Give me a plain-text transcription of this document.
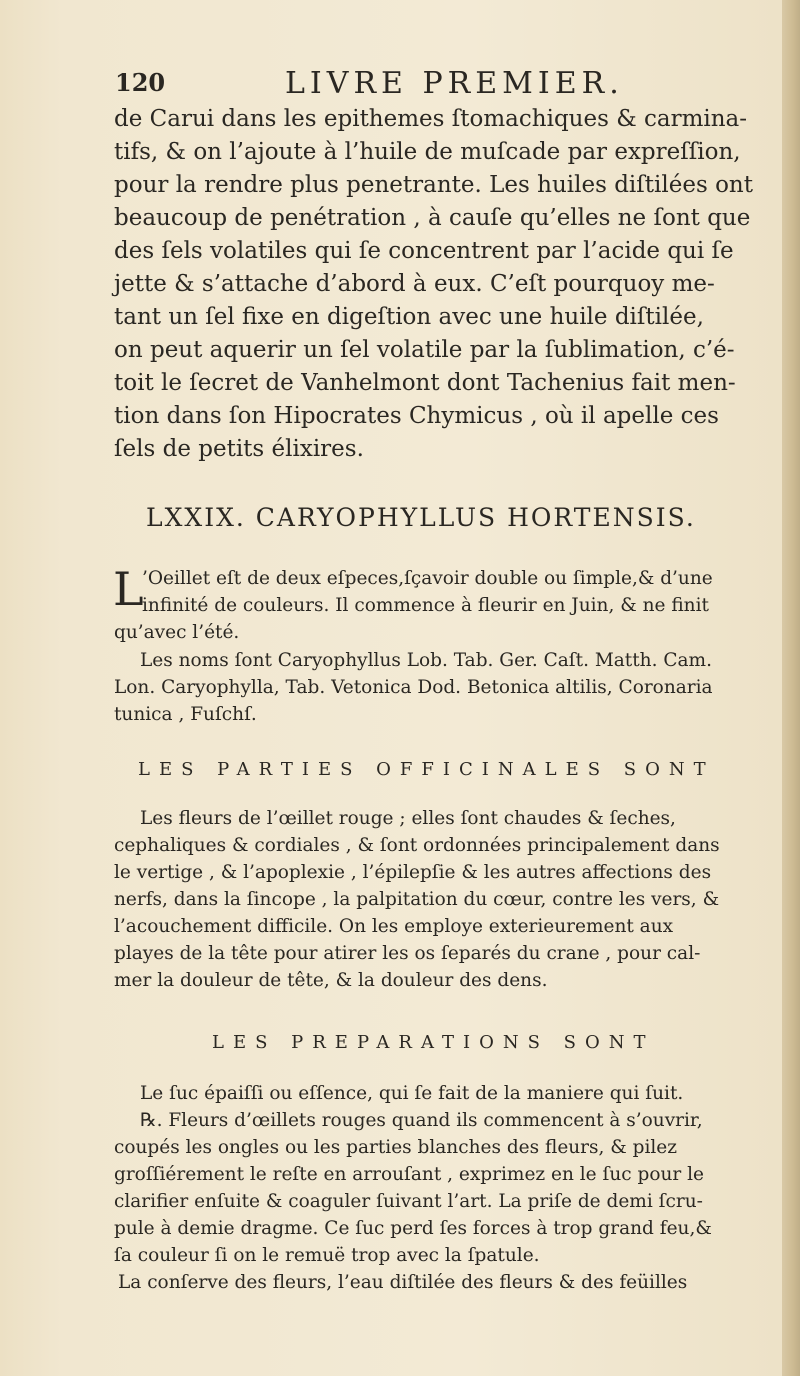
120	LIVRE PREMIER.
de Carui dans les epithemes ſtomachiques & carmina-
tifs, & on l’ajoute à l’huile de muſcade par expreſſion,
pour la rendre plus penetrante. Les huiles diſtilées ont
beaucoup de penétration , à cauſe qu’elles ne ſont que
des ſels volatiles qui ſe concentrent par l’acide qui ſe
jette & s’attache d’abord à eux. C’eſt pourquoy me-
tant un ſel fixe en digeſtion avec une huile diſtilée,
on peut aquerir un ſel volatile par la ſublimation, c’é-
toit le ſecret de Vanhelmont dont Tachenius fait men-
tion dans ſon Hipocrates Chymicus , où il apelle ces
ſels de petits élixires.
LXXIX. CARYOPHYLLUS HORTENSIS.
L
’Oeillet eſt de deux eſpeces,ſçavoir double ou ſimple,& d’une
infinité de couleurs. Il commence à fleurir en Juin, & ne finit
qu’avec l’été.
Les noms ſont Caryophyllus Lob. Tab. Ger. Caſt. Matth. Cam.
Lon. Caryophylla, Tab. Vetonica Dod. Betonica altilis, Coronaria
tunica , Fuſchſ.
LES PARTIES OFFICINALES SONT
Les fleurs de l’œillet rouge ; elles ſont chaudes & ſeches,
cephaliques & cordiales , & ſont ordonnées principalement dans
le vertige , & l’apoplexie , l’épilepſie & les autres affections des
nerfs, dans la ſincope , la palpitation du cœur, contre les vers, &
l’acouchement difficile. On les employe exterieurement aux
playes de la tête pour atirer les os ſeparés du crane , pour cal-
mer la douleur de tête, & la douleur des dens.
LES PREPARATIONS SONT
Le ſuc épaiſſi ou eſſence, qui ſe fait de la maniere qui ſuit.
℞. Fleurs d’œillets rouges quand ils commencent à s’ouvrir,
coupés les ongles ou les parties blanches des fleurs, & pilez
groſſiérement le reſte en arrouſant , exprimez en le ſuc pour le
clarifier enſuite & coaguler ſuivant l’art. La priſe de demi ſcru-
pule à demie dragme. Ce ſuc perd ſes forces à trop grand feu,&
ſa couleur ſi on le remuë trop avec la ſpatule.
La conſerve des fleurs, l’eau diſtilée des fleurs & des feüilles
